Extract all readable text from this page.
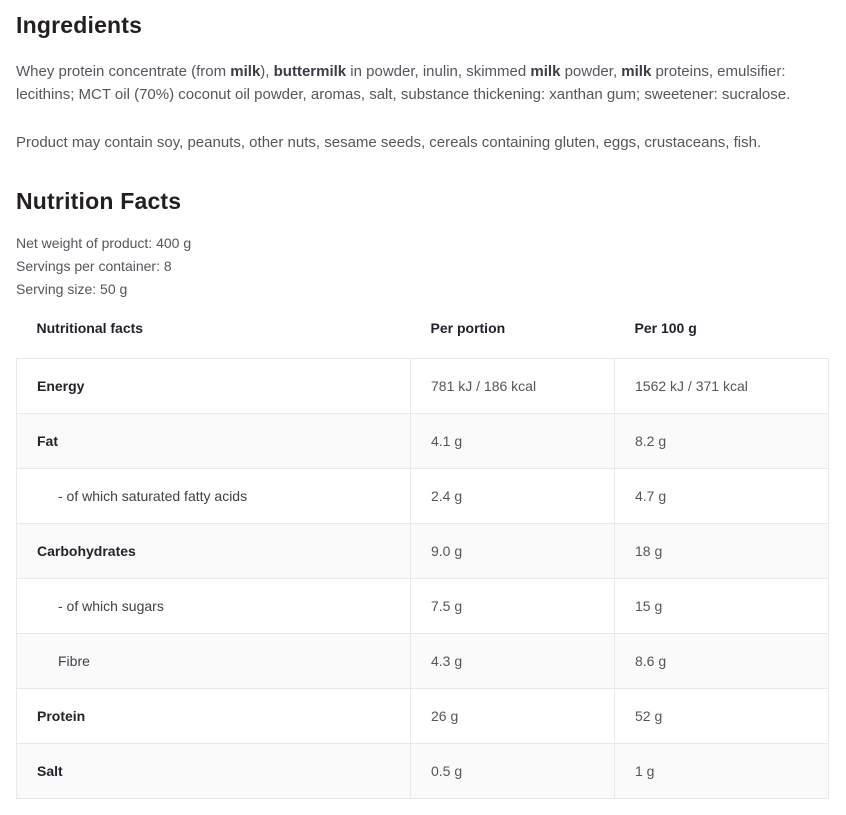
Ingredients

Whey protein concentrate (from milk), buttermilk in powder, inulin, skimmed milk powder, milk proteins, emulsifier: lecithins; MCT oil (70%) coconut oil powder, aromas, salt, substance thickening: xanthan gum; sweetener: sucralose.

Product may contain soy, peanuts, other nuts, sesame seeds, cereals containing gluten, eggs, crustaceans, fish.

Nutrition Facts

Net weight of product: 400 g

Servings per container: 8

Serving size: 50 g

Nutritional facts	Per portion	Per 100 g
Energy	781 kJ / 186 kcal	1562 kJ / 371 kcal
Fat	4.1 g	8.2 g
- of which saturated fatty acids	2.4 g	4.7 g
Carbohydrates	9.0 g	18 g
- of which sugars	7.5 g	15 g
Fibre	4.3 g	8.6 g
Protein	26 g	52 g
Salt	0.5 g	1 g
